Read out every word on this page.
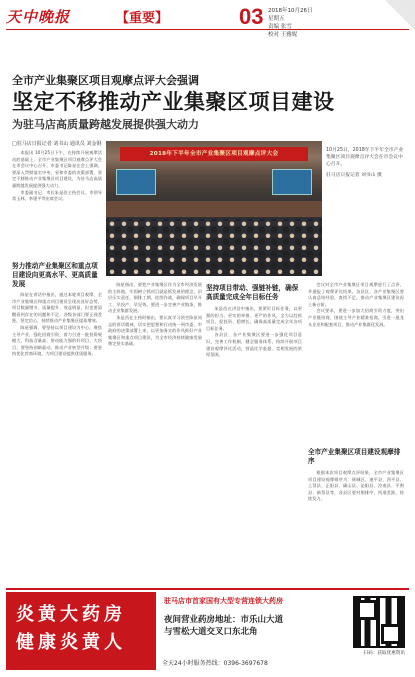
天中晚报	【重要】	03 2018年10月26日
星期五
责编 张雪
校对 王雅妮
全市产业集聚区项目观摩点评大会强调
坚定不移推动产业集聚区项目建设
为驻马店高质量跨越发展提供强大动力
□驻马店日报记者 刘书山 通讯员 刘金钢
本报讯 10月25日下午，在持续开展观摩活动的基础上，全市产业集聚区项目观摩点评大会在市会议中心召开。市委书记陈星在会上强调，要深入贯彻落实中央、省和市委的决策部署，坚定不移推动产业集聚区项目建设，为驻马店高质量跨越发展提供强大动力。
市委副书记、市长朱是西主持会议。市领导常玉林、李建平等出席会议。
2018年下半年全市产业集聚区项目观摩点评大会
10月25日，2018年下半年全市产业集聚区项目观摩点评大会在市会议中心召开。
驻马店日报记者 刘书山 摄
努力推动产业集聚区和重点项目建设向更高水平、更高质量发展
陈星在讲话中指出，通过本轮项目观摩，全市产业集聚区和重点项目建设呈现出良好态势，项目数量增多、质量提升、效益明显，但也要清醒看到存在的问题和不足。各级各部门要正视差距，坚定信心，持续推动产业集聚区提质增效。
陈星强调，要坚持以项目建设为中心，聚焦主导产业，强化招商引资，着力引进一批投资规模大、科技含量高、带动能力强的好项目、大项目；要坚持创新驱动，推动产业转型升级；要坚持优化营商环境，为项目建设提供优质服务。
陈星指出，要把产业集聚区作为全市经济发展的主阵地，牢固树立抓项目就是抓发展的理念，层层压实责任，倒排工期，挂图作战，确保项目早开工、早投产、早见效。要进一步完善产业链条，推动企业集群发展。
朱是西在主持时指出，要认真学习领会陈星同志的讲话精神，切实把思想和行动统一到市委、市政府的决策部署上来，以更加务实的作风抓好产业集聚区和重点项目建设，为全市经济持续健康发展奠定坚实基础。
坚持项目带动、强链补链，确保高质量完成全年目标任务
朱是西在讲话中指出，要紧盯目标任务，以更强的担当、更实的举措、更严的作风，全力以赴抓项目、促投资、稳增长，确保高质量完成全年各项目标任务。
各县区、各产业集聚区要进一步强化项目意识，完善工作机制，健全服务体系，持续开展项目建设观摩评比活动，营造比学赶超、竞相发展的浓厚氛围。
会议对全市产业集聚区项目观摩进行了点评，并通报了观摩评比结果。各县区、各产业集聚区要认真总结经验，查找不足，推动产业集聚区建设再上新台阶。
会议要求，要进一步加大招商引资力度，突出产业链招商，围绕主导产业精准招商，引进一批龙头企业和配套项目，推动产业集群化发展。
全市产业集聚区项目建设观摩排序
根据本次项目观摩点评结果，全市产业集聚区项目建设观摩排序为：驿城区、遂平县、西平县、上蔡县、正阳县、确山县、泌阳县、汝南县、平舆县、新蔡县等，各县区要对照排序，找准差距，持续发力。
炎黄大药房
健康炎黄人
驻马店市首家国有大型专营连锁大药房
夜间营业药房地址：市乐山大道
与雪松大道交叉口东北角
全天24小时服务热线：0396-3697678
扫码：获取优惠资讯
